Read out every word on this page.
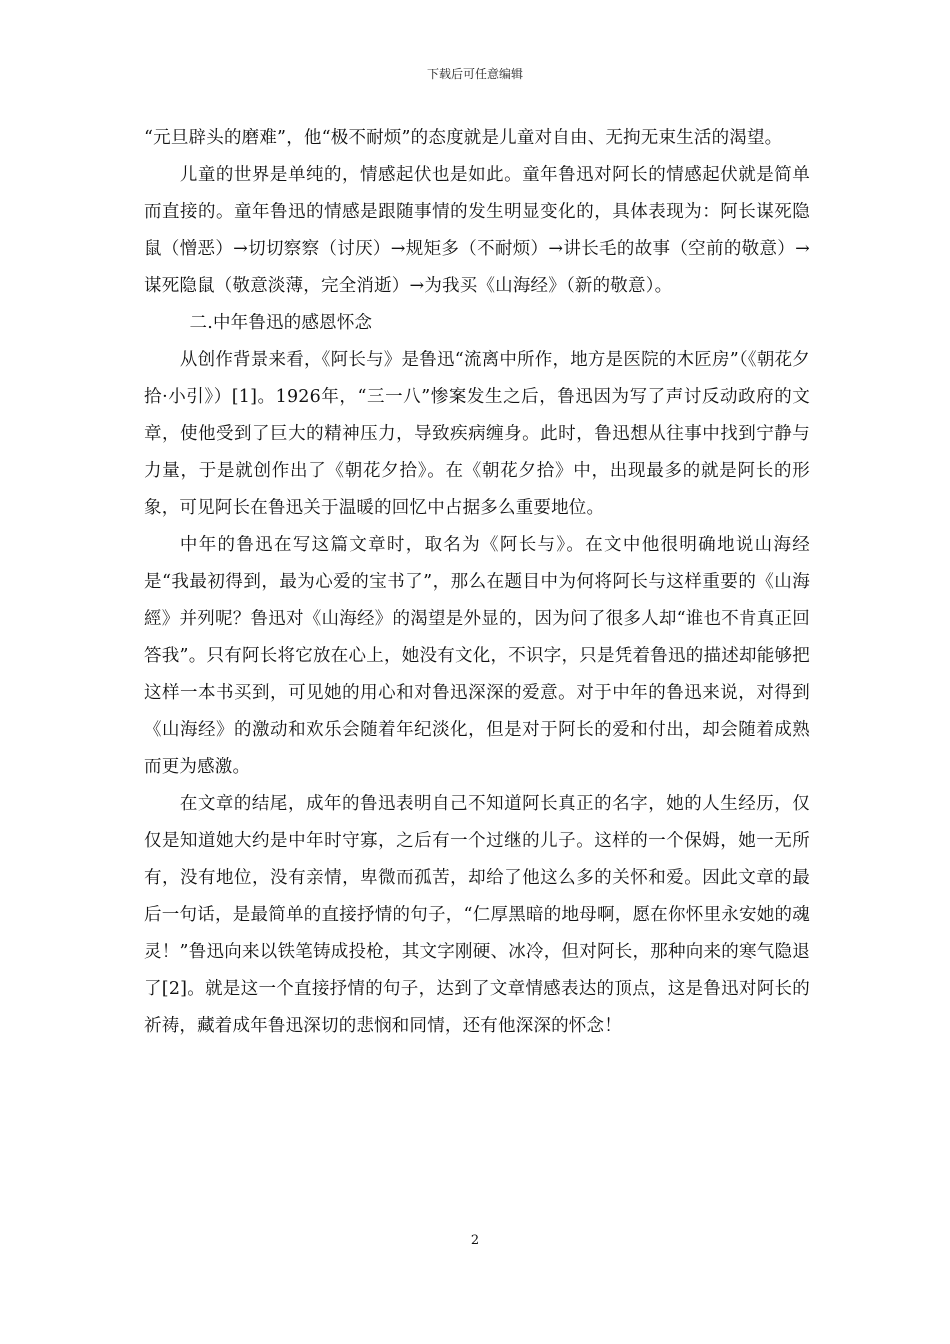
下载后可任意编辑

“元旦辟头的磨难”，他“极不耐烦”的态度就是儿童对自由、无拘无束生活的渴望。

儿童的世界是单纯的，情感起伏也是如此。童年鲁迅对阿长的情感起伏就是简单而直接的。童年鲁迅的情感是跟随事情的发生明显变化的，具体表现为：阿长谋死隐鼠（憎恶）→切切察察（讨厌）→规矩多（不耐烦）→讲长毛的故事（空前的敬意）→谋死隐鼠（敬意淡薄，完全消逝）→为我买《山海经》（新的敬意）。

二.中年鲁迅的感恩怀念

从创作背景来看，《阿长与》是鲁迅“流离中所作，地方是医院的木匠房”（《朝花夕拾·小引》）[1]。1926年，“三一八”惨案发生之后，鲁迅因为写了声讨反动政府的文章，使他受到了巨大的精神压力，导致疾病缠身。此时，鲁迅想从往事中找到宁静与力量，于是就创作出了《朝花夕拾》。在《朝花夕拾》中，出现最多的就是阿长的形象，可见阿长在鲁迅关于温暖的回忆中占据多么重要地位。

中年的鲁迅在写这篇文章时，取名为《阿长与》。在文中他很明确地说山海经是“我最初得到，最为心爱的宝书了”，那么在题目中为何将阿长与这样重要的《山海經》并列呢？鲁迅对《山海经》的渴望是外显的，因为问了很多人却“谁也不肯真正回答我”。只有阿长将它放在心上，她没有文化，不识字，只是凭着鲁迅的描述却能够把这样一本书买到，可见她的用心和对鲁迅深深的爱意。对于中年的鲁迅来说，对得到《山海经》的激动和欢乐会随着年纪淡化，但是对于阿长的爱和付出，却会随着成熟而更为感激。

在文章的结尾，成年的鲁迅表明自己不知道阿长真正的名字，她的人生经历，仅仅是知道她大约是中年时守寡，之后有一个过继的儿子。这样的一个保姆，她一无所有，没有地位，没有亲情，卑微而孤苦，却给了他这么多的关怀和爱。因此文章的最后一句话，是最简单的直接抒情的句子，“仁厚黑暗的地母啊，愿在你怀里永安她的魂灵！”鲁迅向来以铁笔铸成投枪，其文字刚硬、冰冷，但对阿长，那种向来的寒气隐退了[2]。就是这一个直接抒情的句子，达到了文章情感表达的顶点，这是鲁迅对阿长的祈祷，藏着成年鲁迅深切的悲悯和同情，还有他深深的怀念！

2
